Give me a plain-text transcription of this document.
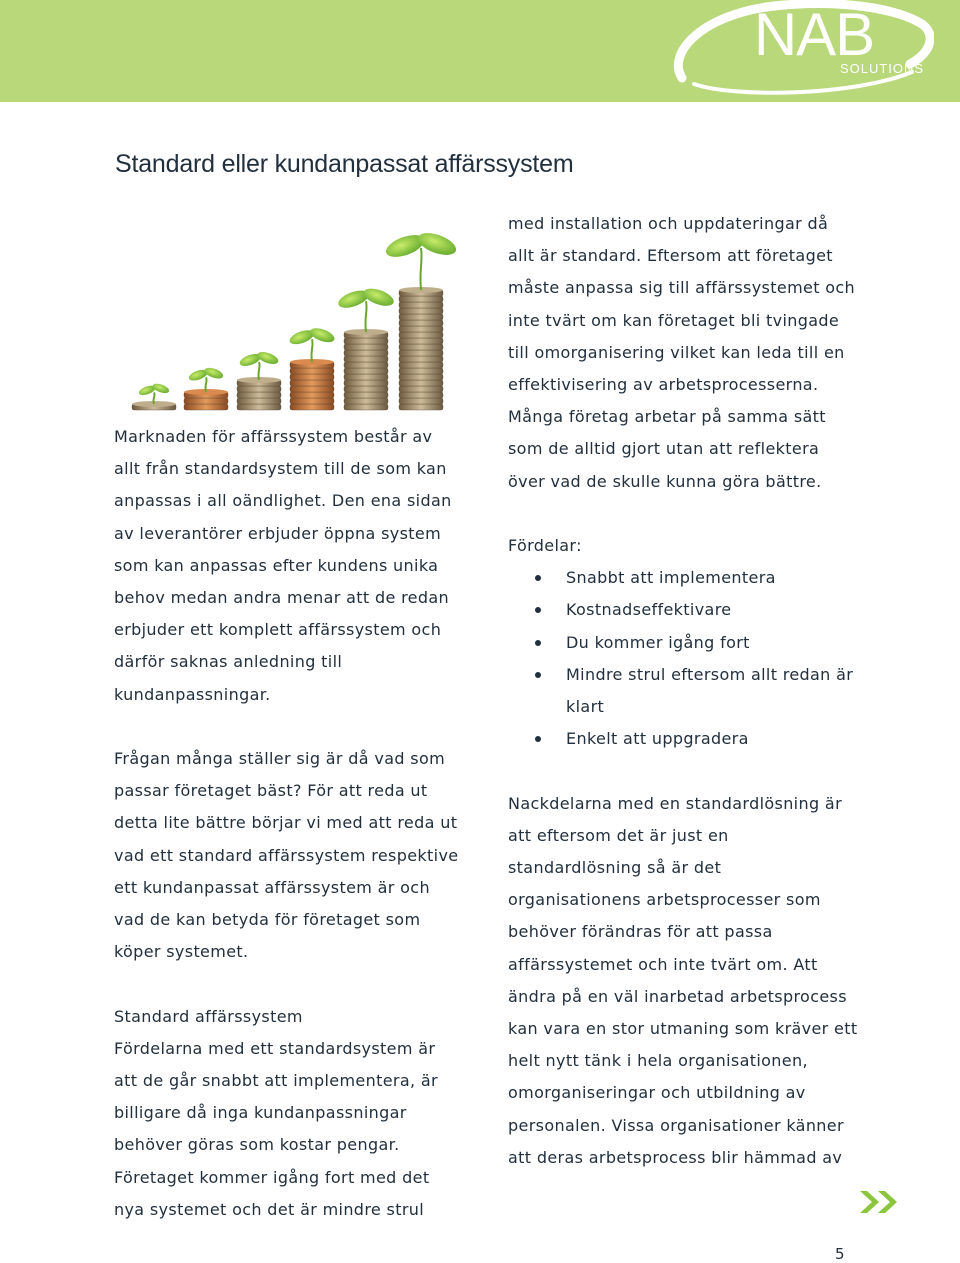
NAB
SOLUTIONS
Standard eller kundanpassat affärssystem

Marknaden för affärssystem består av allt från standardsystem till de som kan anpassas i all oändlighet. Den ena sidan av leverantörer erbjuder öppna system som kan anpassas efter kundens unika behov medan andra menar att de redan erbjuder ett komplett affärssystem och därför saknas anledning till kundanpassningar.

Frågan många ställer sig är då vad som passar företaget bäst? För att reda ut detta lite bättre börjar vi med att reda ut vad ett standard affärssystem respektive ett kundanpassat affärssystem är och vad de kan betyda för företaget som köper systemet.

Standard affärssystem

Fördelarna med ett standardsystem är att de går snabbt att implementera, är billigare då inga kundanpassningar behöver göras som kostar pengar. Företaget kommer igång fort med det nya systemet och det är mindre strul

med installation och uppdateringar då allt är standard. Eftersom att företaget måste anpassa sig till affärssystemet och inte tvärt om kan företaget bli tvingade till omorganisering vilket kan leda till en effektivisering av arbetsprocesserna. Många företag arbetar på samma sätt som de alltid gjort utan att reflektera över vad de skulle kunna göra bättre.

Fördelar:

Snabbt att implementera
Kostnadseffektivare
Du kommer igång fort
Mindre strul eftersom allt redan är klart
Enkelt att uppgradera

Nackdelarna med en standardlösning är att eftersom det är just en standardlösning så är det organisationens arbetsprocesser som behöver förändras för att passa affärssystemet och inte tvärt om. Att ändra på en väl inarbetad arbetsprocess kan vara en stor utmaning som kräver ett helt nytt tänk i hela organisationen, omorganiseringar och utbildning av personalen. Vissa organisationer känner att deras arbetsprocess blir hämmad av

5
